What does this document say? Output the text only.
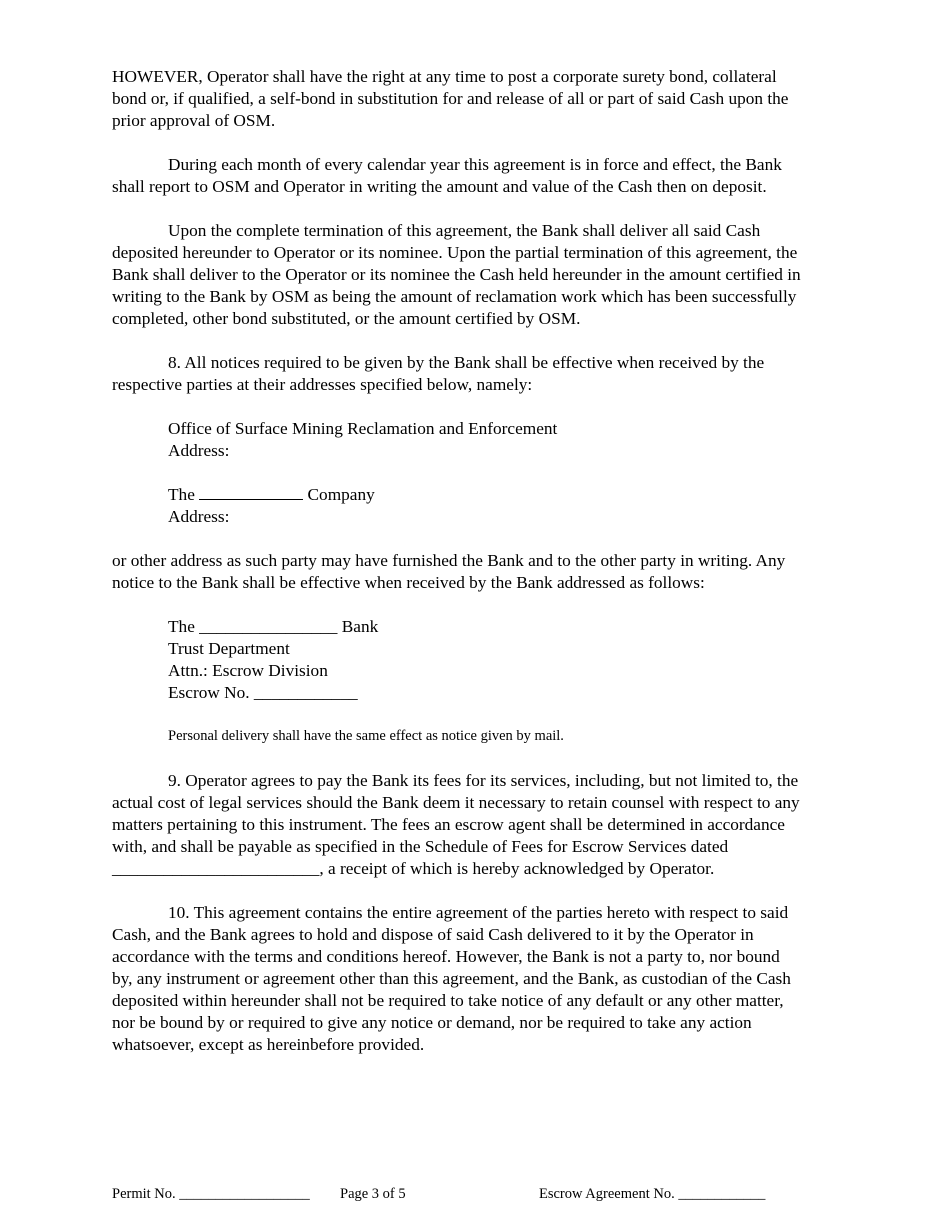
HOWEVER, Operator shall have the right at any time to post a corporate surety bond, collateral bond or, if qualified, a self-bond in substitution for and release of all or part of said Cash upon the prior approval of OSM.

During each month of every calendar year this agreement is in force and effect, the Bank shall report to OSM and Operator in writing the amount and value of the Cash then on deposit.

Upon the complete termination of this agreement, the Bank shall deliver all said Cash deposited hereunder to Operator or its nominee. Upon the partial termination of this agreement, the Bank shall deliver to the Operator or its nominee the Cash held hereunder in the amount certified in writing to the Bank by OSM as being the amount of reclamation work which has been successfully completed, other bond substituted, or the amount certified by OSM.

8. All notices required to be given by the Bank shall be effective when received by the respective parties at their addresses specified below, namely:

Office of Surface Mining Reclamation and Enforcement
Address:
The	Company
Address:

or other address as such party may have furnished the Bank and to the other party in writing. Any notice to the Bank shall be effective when received by the Bank addressed as follows:

The ________________ Bank
Trust Department
Attn.: Escrow Division
Escrow No. ____________
Personal delivery shall have the same effect as notice given by mail.

9. Operator agrees to pay the Bank its fees for its services, including, but not limited to, the actual cost of legal services should the Bank deem it necessary to retain counsel with respect to any matters pertaining to this instrument. The fees an escrow agent shall be determined in accordance with, and shall be payable as specified in the Schedule of Fees for Escrow Services dated ________________________, a receipt of which is hereby acknowledged by Operator.

10. This agreement contains the entire agreement of the parties hereto with respect to said Cash, and the Bank agrees to hold and dispose of said Cash delivered to it by the Operator in accordance with the terms and conditions hereof. However, the Bank is not a party to, nor bound by, any instrument or agreement other than this agreement, and the Bank, as custodian of the Cash deposited within hereunder shall not be required to take notice of any default or any other matter, nor be bound by or required to give any notice or demand, nor be required to take any action whatsoever, except as hereinbefore provided.

Permit No. __________________ Page 3 of 5	Escrow Agreement No. ____________
